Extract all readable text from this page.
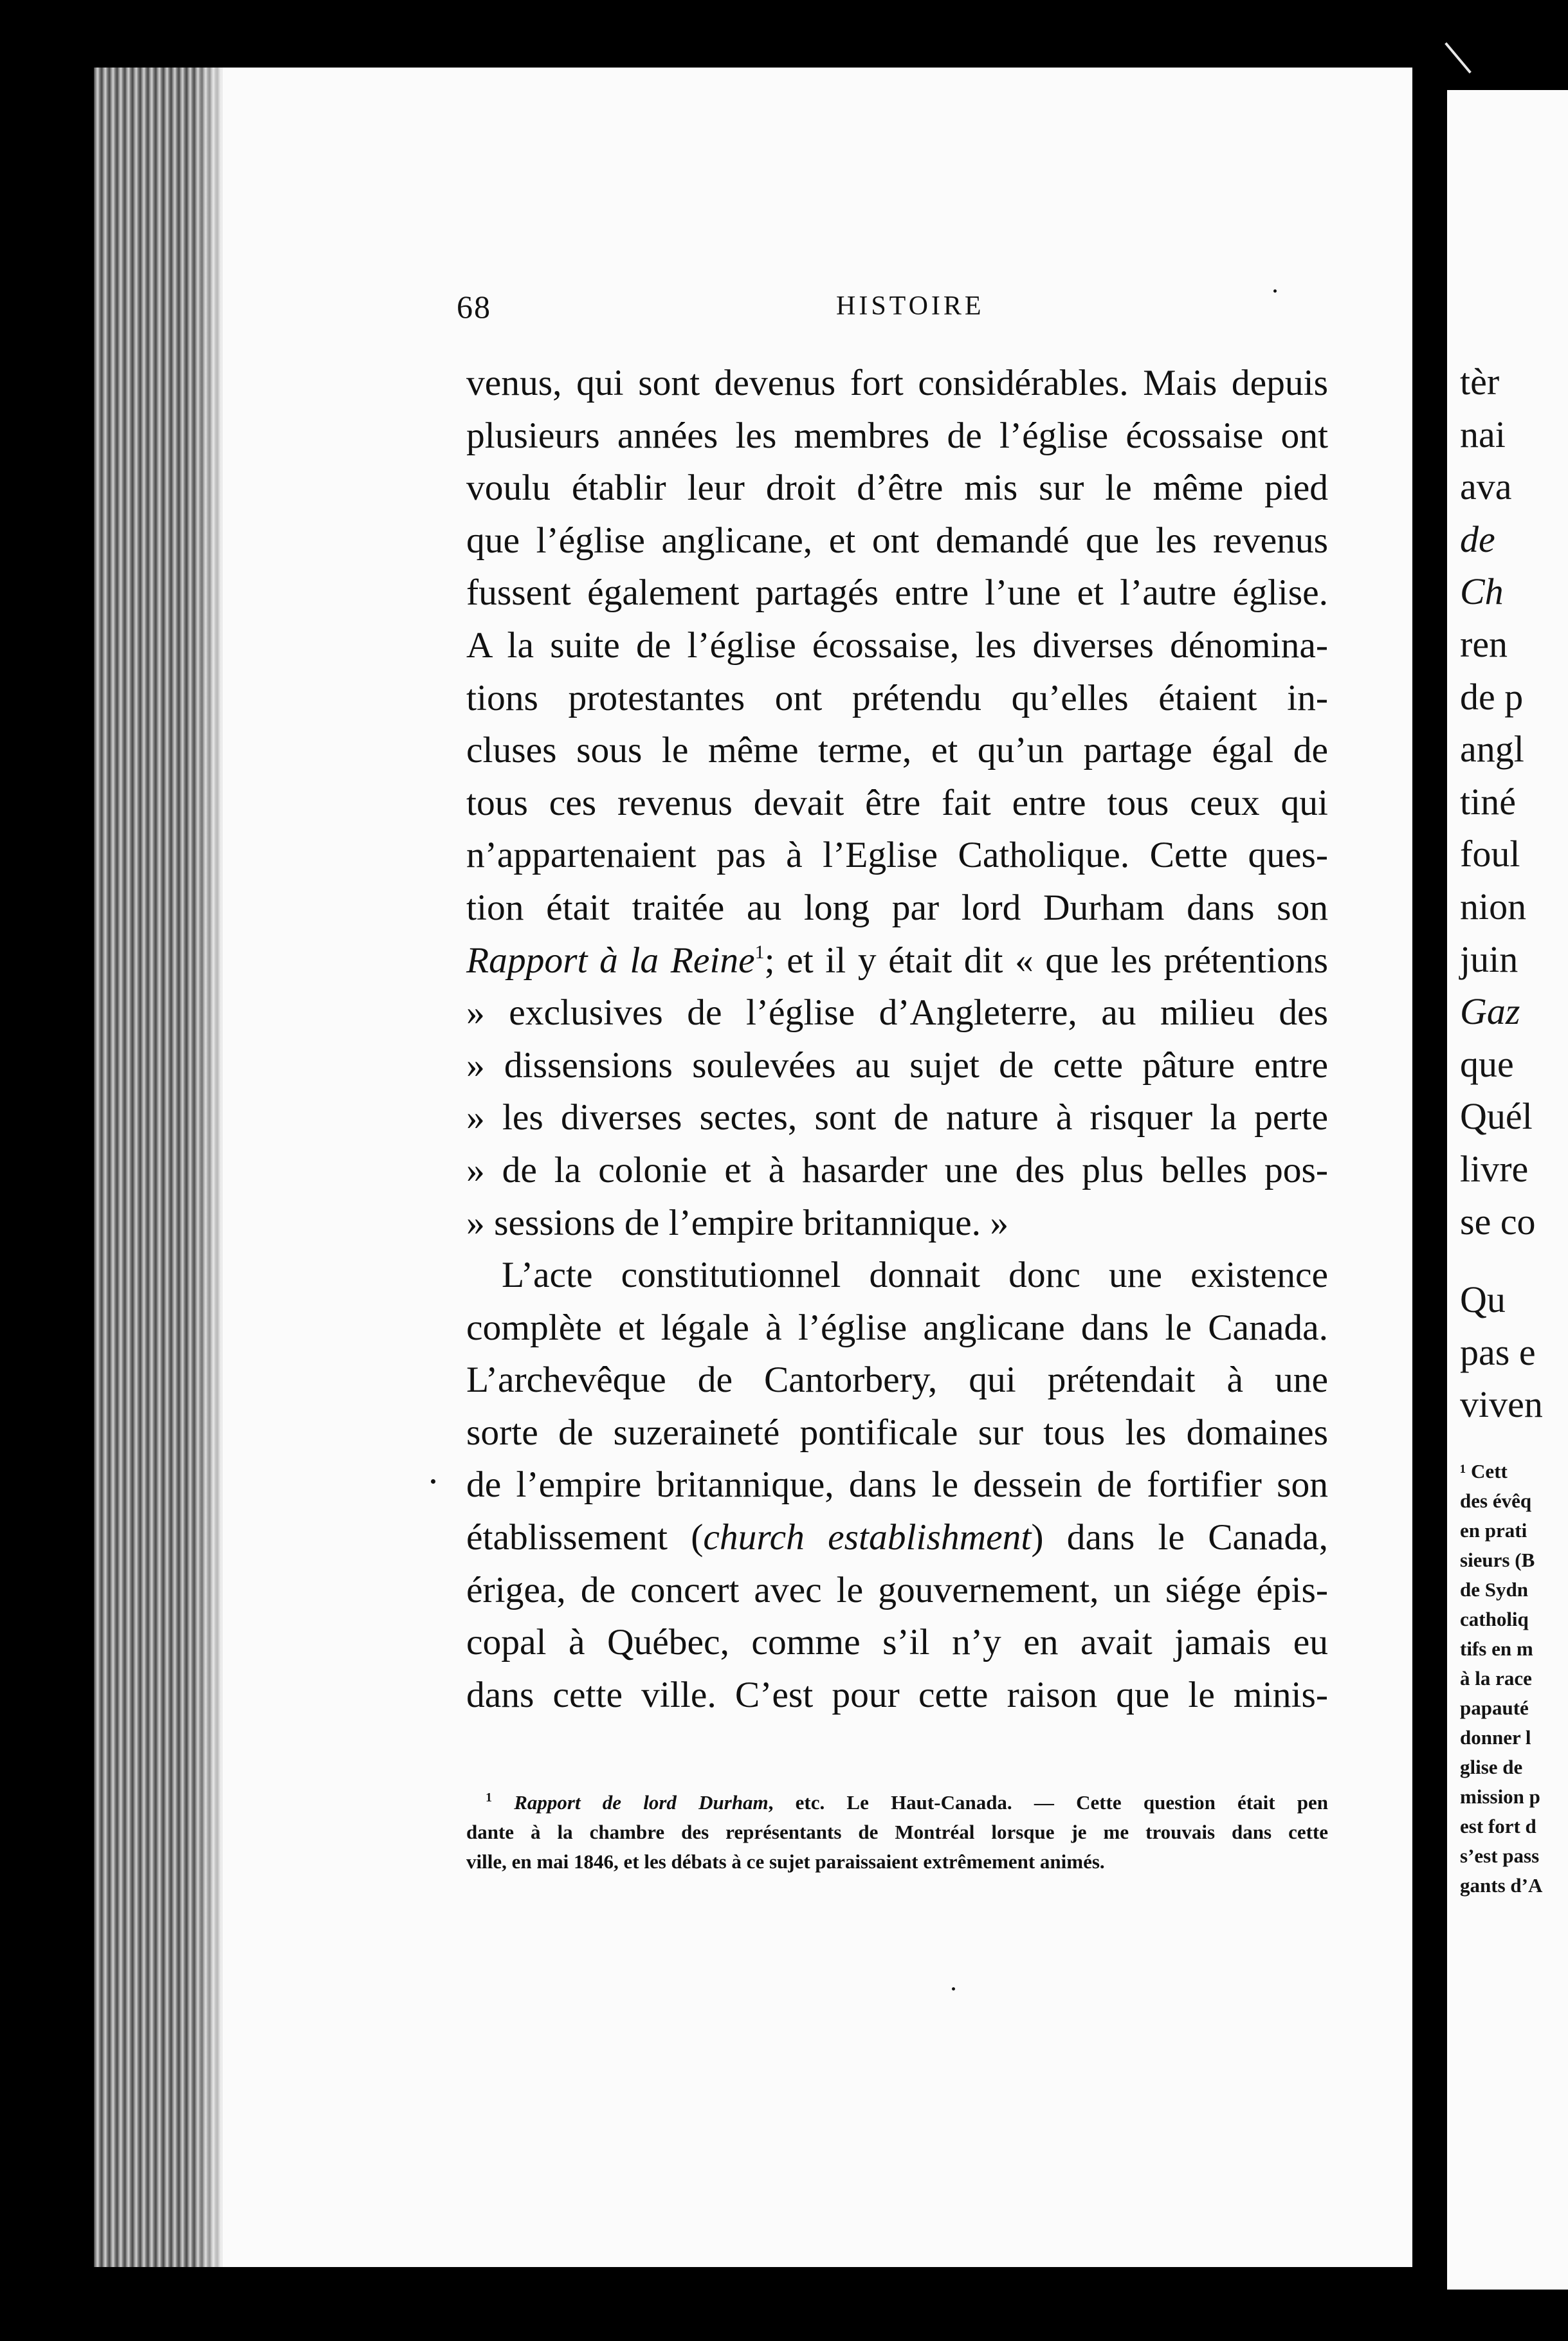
68	HISTOIRE
venus, qui sont devenus fort considérables. Mais depuis
plusieurs années les membres de l’église écossaise ont
voulu établir leur droit d’être mis sur le même pied
que l’église anglicane, et ont demandé que les revenus
fussent également partagés entre l’une et l’autre église.
A la suite de l’église écossaise, les diverses dénomina-
tions protestantes ont prétendu qu’elles étaient in-
cluses sous le même terme, et qu’un partage égal de
tous ces revenus devait être fait entre tous ceux qui
n’appartenaient pas à l’Eglise Catholique. Cette ques-
tion était traitée au long par lord Durham dans son
Rapport à la Reine$^1$; et il y était dit « que les prétentions
» exclusives de l’église d’Angleterre, au milieu des
» dissensions soulevées au sujet de cette pâture entre
» les diverses sectes, sont de nature à risquer la perte
» de la colonie et à hasarder une des plus belles pos-
» sessions de l’empire britannique. »
L’acte constitutionnel donnait donc une existence
complète et légale à l’église anglicane dans le Canada.
L’archevêque de Cantorbery, qui prétendait à une
sorte de suzeraineté pontificale sur tous les domaines
de l’empire britannique, dans le dessein de fortifier son
établissement (church establishment) dans le Canada,
érigea, de concert avec le gouvernement, un siége épis-
copal à Québec, comme s’il n’y en avait jamais eu
dans cette ville. C’est pour cette raison que le minis-
$^1$ Rapport de lord Durham, etc. Le Haut-Canada. — Cette question était pen
dante à la chambre des représentants de Montréal lorsque je me trouvais dans cette
ville, en mai 1846, et les débats à ce sujet paraissaient extrêmement animés.
tèr
nai
ava
de
Ch
ren
de p
angl
tiné
foul
nion
juin
Gaz
que
Quél
livre
se co
Qu
pas e
viven
¹ Cett
des évêq
en prati
sieurs (B
de Sydn
catholiq
tifs en m
à la race
papauté
donner l
glise de
mission p
est fort d
s’est pass
gants d’A
